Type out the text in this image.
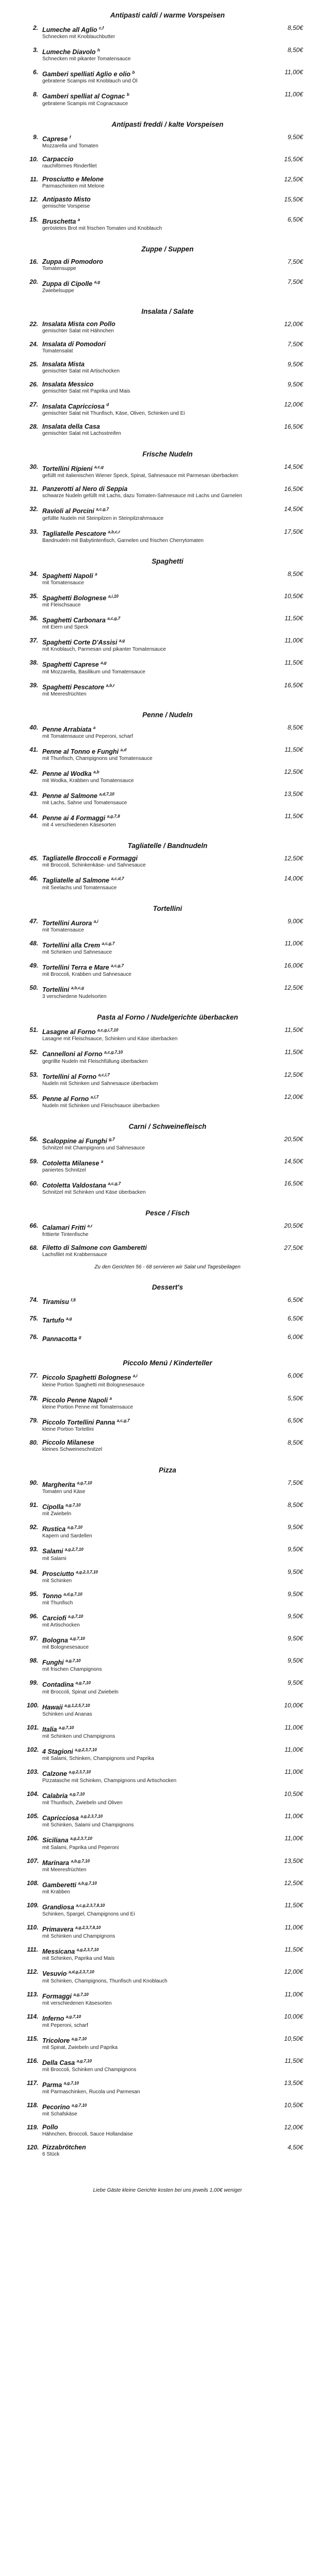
Antipasti caldi / warme Vorspeisen
2. Lumeche all Aglio $^{c,f}$
Schnecken mit Knoblauchbutter
8,50€
3. Lumeche Diavolo $^h$
Schnecken mit pikanter Tomatensauce
8,50€
6. Gamberi spelliati Aglio e olio $^b$
gebratene Scampis mit Knoblauch und Öl
11,00€
8. Gamberi spelliat al Cognac $^b$
gebratene Scampis mit Cognacsauce
11,00€
Antipasti freddi / kalte Vorspeisen
9. Caprese $^f$
Mozzarella und Tomaten
9,50€
10. Carpaccio
rauchiförmes Rinderfilet
15,50€
11. Prosciutto e Melone
Parmaschinken mit Melone
12,50€
12. Antipasto Misto
gemischte Vorspeise
15,50€
15. Bruschetta $^a$
geröstetes Brot mit frischen Tomaten und Knoblauch
6,50€
Zuppe / Suppen
16. Zuppa di Pomodoro
Tomatensuppe
7,50€
20. Zuppa di Cipolle $^{a,g}$
Zwiebelsuppe
7,50€
Insalata / Salate
22. Insalata Mista con Pollo
gemischter Salat mit Hähnchen
12,00€
24. Insalata di Pomodori
Tomatensalat
7,50€
25. Insalata Mista
gemischter Salat mit Artischocken
9,50€
26. Insalata Messico
gemischter Salat mit Paprika und Mais
9,50€
27. Insalata Capricciosa $^d$
gemischter Salat mit Thunfisch, Käse, Oliven, Schinken und Ei
12,00€
28. Insalata della Casa
gemischter Salat mit Lachsstreifen
16,50€
Frische Nudeln
30. Tortellini Ripieni $^{a,c,g}$
gefüllt mit italienischen Wiener Speck, Spinat, Sahnesauce mit Parmesan überbacken
14,50€
31. Panzerotti al Nero di Seppia
schwarze Nudeln gefüllt mit Lachs, dazu Tomaten-Sahnesauce mit Lachs und Garnelen
16,50€
32. Ravioli al Porcini $^{a,c,g,7}$
gefüllte Nudeln mit Steinpilzen in Steinpilzrahmsauce
14,50€
33. Tagliatelle Pescatore $^{a,b,c,r}$
Bandnudeln mit Babytintenfisch, Garnelen und frischen Cherrytomaten
17,50€
Spaghetti
34. Spaghetti Napoli $^a$
mit Tomatensauce
8,50€
35. Spaghetti Bolognese $^{a,i,10}$
mit Fleischsauce
10,50€
36. Spaghetti Carbonara $^{a,c,g,7}$
mit Eiern und Speck
11,50€
37. Spaghetti Corte D'Assisi $^{a,g}$
mit Knoblauch, Parmesan und pikanter Tomatensauce
11,00€
38. Spaghetti Caprese $^{a,g}$
mit Mozzarella, Basilikum und Tomatensauce
11,50€
39. Spaghetti Pescatore $^{a,b,r}$
mit Meeresfrüchten
16,50€
Penne / Nudeln
40. Penne Arrabiata $^a$
mit Tomatensauce und Peperoni, scharf
8,50€
41. Penne al Tonno e Funghi $^{a,d}$
mit Thunfisch, Champignons und Tomatensauce
11,50€
42. Penne al Wodka $^{a,b}$
mit Wodka, Krabben und Tomatensauce
12,50€
43. Penne al Salmone $^{a,d,7,10}$
mit Lachs, Sahne und Tomatensauce
13,50€
44. Penne ai 4 Formaggi $^{a,g,7,8}$
mit 4 verschiedenen Käsesorten
11,50€
Tagliatelle / Bandnudeln
45. Tagliatelle Broccoli e Formaggi
mit Broccoli, Schinkenkäse- und Sahnesauce
12,50€
46. Tagliatelle al Salmone $^{a,c,d,7}$
mit Seelachs und Tomatensauce
14,00€
Tortellini
47. Tortellini Aurora $^{a,i}$
mit Tomatensauce
9,00€
48. Tortellini alla Crem $^{a,c,g,7}$
mit Schinken und Sahnesauce
11,00€
49. Tortellini Terra e Mare $^{a,c,g,7}$
mit Broccoli, Krabben und Sahnesauce
16,00€
50. Tortellini $^{a,b,c,g}$
3 verschiedene Nudelsorten
12,50€
Pasta al Forno / Nudelgerichte überbacken
51. Lasagne al Forno $^{a,c,g,i,7,10}$
Lasagne mit Fleischsauce, Schinken und Käse überbacken
11,50€
52. Cannelloni al Forno $^{a,c,g,7,10}$
gegrillte Nudeln mit Fleischfüllung überbacken
11,50€
53. Tortellini al Forno $^{a,c,l,7}$
Nudeln mit Schinken und Sahnesauce überbacken
12,50€
55. Penne al Forno $^{a,l,7}$
Nudeln mit Schinken und Fleischsauce überbacken
12,00€
Carni / Schweinefleisch
56. Scaloppine ai Funghi $^{g,7}$
Schnitzel mit Champignons und Sahnesauce
20,50€
59. Cotoletta Milanese $^a$
paniertes Schnitzel
14,50€
60. Cotoletta Valdostana $^{a,c,g,7}$
Schnitzel mit Schinken und Käse überbacken
16,50€
Pesce / Fisch
66. Calamari Fritti $^{a,r}$
frittierte Tintenfische
20,50€
68. Filetto di Salmone con Gamberetti
Lachsfilet mit Krabbensauce
27,50€
Zu den Gerichten 56 - 68 servieren wir Salat und Tagesbeilagen
Dessert's
74. Tiramisu $^{f,8}$	6,50€
75. Tartufo $^{a,g}$	6,50€
76. Pannacotta $^g$	6,00€
Piccolo Menú / Kinderteller
77. Piccolo Spaghetti Bolognese $^{a,i}$
kleine Portion Spaghetti mit Bolognesesauce
6,00€
78. Piccolo Penne Napoli $^a$
kleine Portion Penne mit Tomatensauce
5,50€
79. Piccolo Tortellini Panna $^{a,c,g,7}$
kleine Portion Tortellini
6,50€
80. Piccolo Milanese
kleines Schweineschnitzel
8,50€
Pizza
90. Margherita $^{a,g,7,10}$
Tomaten und Käse
7,50€
91. Cipolla $^{a,g,7,10}$
mit Zwiebeln
8,50€
92. Rustica $^{a,g,7,10}$
Kapern und Sardellen
9,50€
93. Salami $^{a,g,2,7,10}$
mit Salami
9,50€
94. Prosciutto $^{a,g,2,3,7,10}$
mit Schinken
9,50€
95. Tonno $^{a,d,g,7,10}$
mit Thunfisch
9,50€
96. Carciofi $^{a,g,7,10}$
mit Artischocken
9,50€
97. Bologna $^{a,g,7,10}$
mit Bolognesesauce
9,50€
98. Funghi $^{a,g,7,10}$
mit frischen Champignons
9,50€
99. Contadina $^{a,g,7,10}$
mit Broccoli, Spinat und Zwiebeln
9,50€
100. Hawaii $^{a,g,1,2,5,7,10}$
Schinken und Ananas
10,00€
101. Italia $^{a,g,7,10}$
mit Schinken und Champignons
11,00€
102. 4 Stagioni $^{a,g,2,3,7,10}$
mit Salami, Schinken, Champignons und Paprika
11,00€
103. Calzone $^{a,g,2,3,7,10}$
Pizzatasche mit Schinken, Champignons und Artischocken
11,00€
104. Calabria $^{a,g,7,10}$
mit Thunfisch, Zwiebeln und Oliven
10,50€
105. Capricciosa $^{a,g,2,3,7,10}$
mit Schinken, Salami und Champignons
11,00€
106. Siciliana $^{a,g,2,3,7,10}$
mit Salami, Paprika und Peperoni
11,00€
107. Marinara $^{a,b,g,7,10}$
mit Meeresfrüchten
13,50€
108. Gamberetti $^{a,b,g,7,10}$
mit Krabben
12,50€
109. Grandiosa $^{a,c,g,2,3,7,8,10}$
Schinken, Spargel, Champignons und Ei
11,50€
110. Primavera $^{a,g,2,3,7,8,10}$
mit Schinken und Champignons
11,00€
111. Messicana $^{a,g,2,3,7,10}$
mit Schinken, Paprika und Mais
11,50€
112. Vesuvio $^{a,d,g,2,3,7,10}$
mit Schinken, Champignons, Thunfisch und Knoblauch
12,00€
113. Formaggi $^{a,g,7,10}$
mit verschiedenen Käsesorten
11,00€
114. Inferno $^{a,g,7,10}$
mit Peperoni, scharf
10,00€
115. Tricolore $^{a,g,7,10}$
mit Spinat, Zwiebeln und Paprika
10,50€
116. Della Casa $^{a,g,7,10}$
mit Broccoli, Schinken und Champignons
11,50€
117. Parma $^{a,g,7,10}$
mit Parmaschinken, Rucola und Parmesan
13,50€
118. Pecorino $^{a,g,7,10}$
mit Schafskäse
10,50€
119. Pollo
Hähnchen, Broccoli, Sauce Hollandaise
12,00€
120. Pizzabrötchen
6 Stück
4,50€
Liebe Gäste kleine Gerichte kosten bei uns jeweils 1,00€ weniger
